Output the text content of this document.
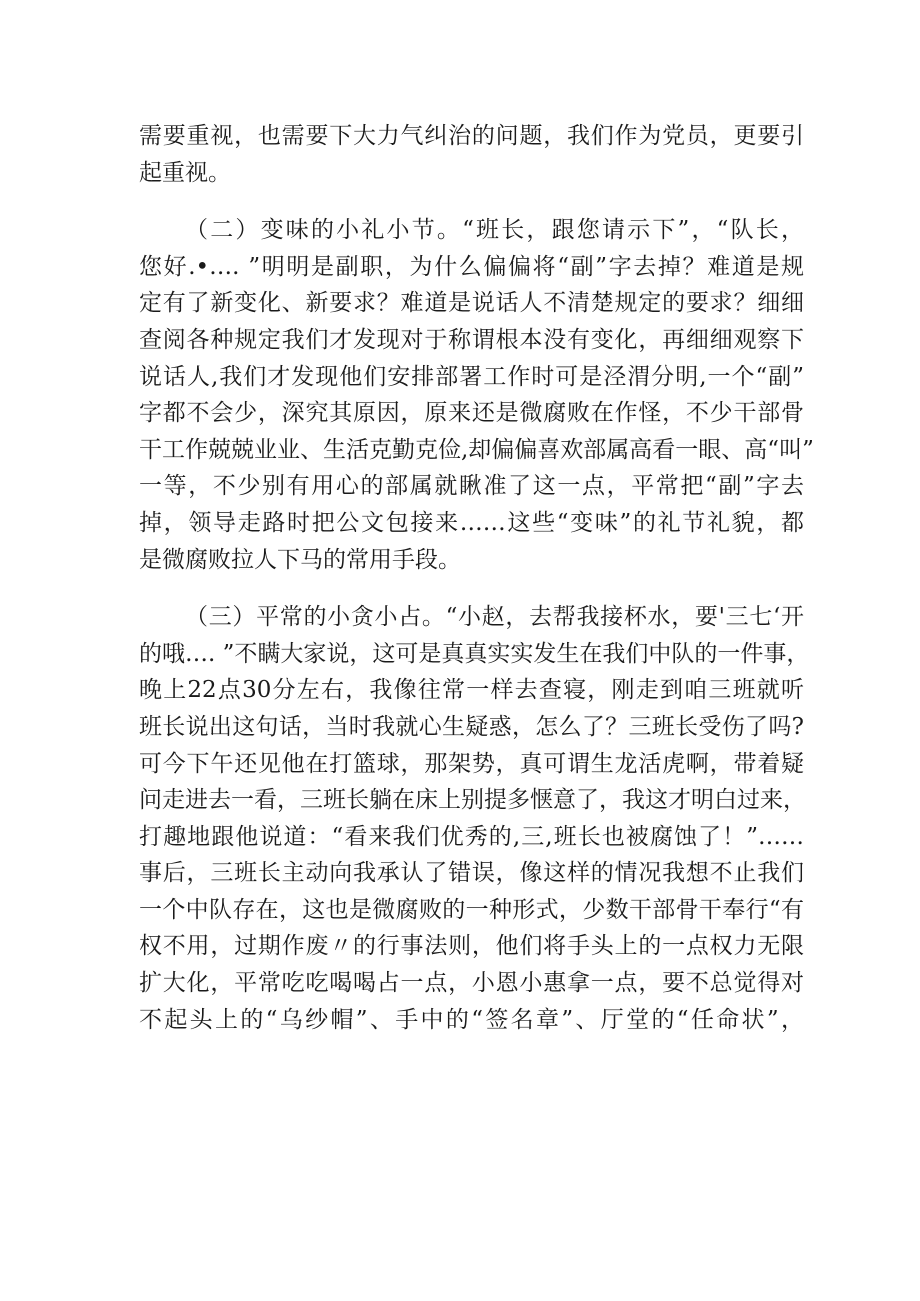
需要重视，也需要下大力气纠治的问题，我们作为党员，更要引
起重视。
（二）变味的小礼小节。“班长，跟您请示下”，“队长，
您好.•…. ”明明是副职，为什么偏偏将“副”字去掉？难道是规
定有了新变化、新要求？难道是说话人不清楚规定的要求？细细
查阅各种规定我们才发现对于称谓根本没有变化，再细细观察下
说话人,我们才发现他们安排部署工作时可是泾渭分明,一个“副”
字都不会少，深究其原因，原来还是微腐败在作怪，不少干部骨
干工作兢兢业业、生活克勤克俭,却偏偏喜欢部属高看一眼、高“叫”
一等，不少别有用心的部属就瞅准了这一点，平常把“副”字去
掉，领导走路时把公文包接来……这些“变味”的礼节礼貌，都
是微腐败拉人下马的常用手段。
（三）平常的小贪小占。“小赵，去帮我接杯水，要'三七‘开
的哦…. ”不瞒大家说，这可是真真实实发生在我们中队的一件事，
晚上22点30分左右，我像往常一样去查寝，刚走到咱三班就听
班长说出这句话，当时我就心生疑惑，怎么了？三班长受伤了吗?
可今下午还见他在打篮球，那架势，真可谓生龙活虎啊，带着疑
问走进去一看，三班长躺在床上别提多惬意了，我这才明白过来，
打趣地跟他说道：“看来我们优秀的,三,班长也被腐蚀了！”……
事后，三班长主动向我承认了错误，像这样的情况我想不止我们
一个中队存在，这也是微腐败的一种形式，少数干部骨干奉行“有
权不用，过期作废〃的行事法则，他们将手头上的一点权力无限
扩大化，平常吃吃喝喝占一点，小恩小惠拿一点，要不总觉得对
不起头上的“乌纱帽”、手中的“签名章”、厅堂的“任命状”，
